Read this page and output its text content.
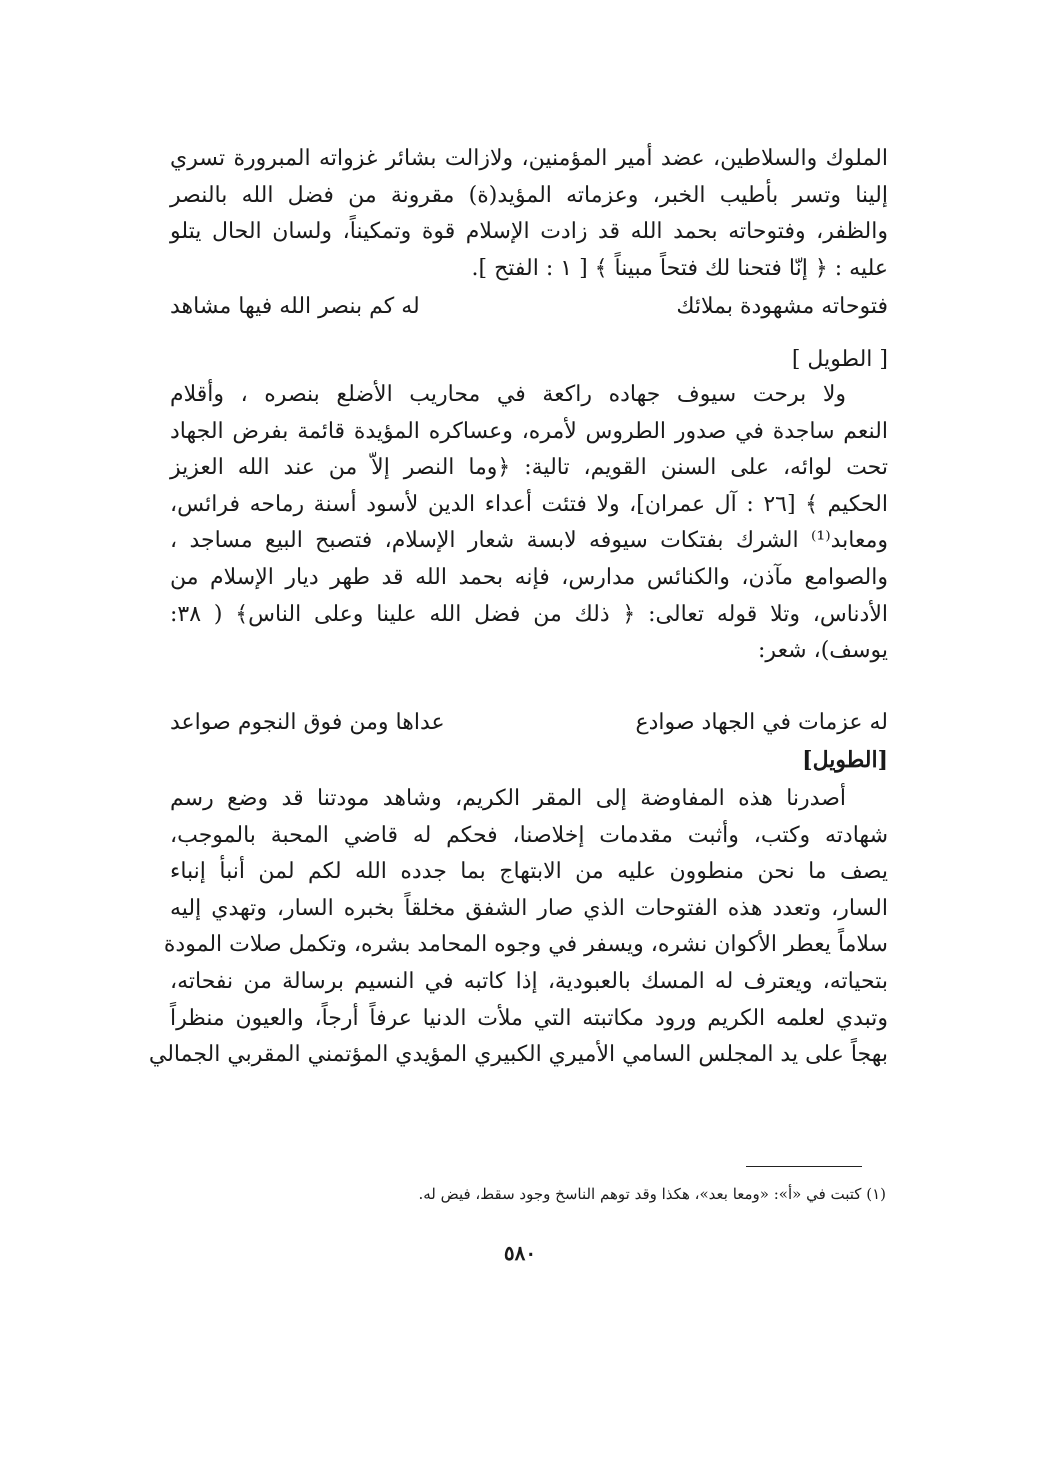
الملوك والسلاطين، عضد أمير المؤمنين، ولازالت بشائر غزواته المبرورة تسري
إلينا وتسر بأطيب الخبر، وعزماته المؤيد(ة) مقرونة من فضل الله بالنصر
والظفر، وفتوحاته بحمد الله قد زادت الإسلام قوة وتمكيناً، ولسان الحال يتلو
عليه : ﴿ إنّا فتحنا لك فتحاً مبيناً ﴾ [ ١ : الفتح ].
فتوحاته مشهودة بملائك
له كم بنصر الله فيها مشاهد
[ الطويل ]
ولا برحت سيوف جهاده راكعة في محاريب الأضلع بنصره ، وأقلام
النعم ساجدة في صدور الطروس لأمره، وعساكره المؤيدة قائمة بفرض الجهاد
تحت لوائه، على السنن القويم، تالية: ﴿وما النصر إلاّ من عند الله العزيز
الحكيم ﴾ [٢٦ : آل عمران]، ولا فتئت أعداء الدين لأسود أسنة رماحه فرائس،
ومعابد⁽¹⁾ الشرك بفتكات سيوفه لابسة شعار الإسلام، فتصبح البيع مساجد ،
والصوامع مآذن، والكنائس مدارس، فإنه بحمد الله قد طهر ديار الإسلام من
الأدناس، وتلا قوله تعالى: ﴿ ذلك من فضل الله علينا وعلى الناس﴾ ( ٣٨:
يوسف)، شعر:
له عزمات في الجهاد صوادع
عداها ومن فوق النجوم صواعد
[الطويل]
أصدرنا هذه المفاوضة إلى المقر الكريم، وشاهد مودتنا قد وضع رسم
شهادته وكتب، وأثبت مقدمات إخلاصنا، فحكم له قاضي المحبة بالموجب،
يصف ما نحن منطوون عليه من الابتهاج بما جدده الله لكم لمن أنبأ إنباء
السار، وتعدد هذه الفتوحات الذي صار الشفق مخلقاً بخبره السار، وتهدي إليه
سلاماً يعطر الأكوان نشره، ويسفر في وجوه المحامد بشره، وتكمل صلات المودة
بتحياته، ويعترف له المسك بالعبودية، إذا كاتبه في النسيم برسالة من نفحاته،
وتبدي لعلمه الكريم ورود مكاتبته التي ملأت الدنيا عرفاً أرجاً، والعيون منظراً
بهجاً على يد المجلس السامي الأميري الكبيري المؤيدي المؤتمني المقربي الجمالي
(١) كتبت في «أ»: «ومعا بعد»، هكذا وقد توهم الناسخ وجود سقط، فيض له.
٥٨٠
